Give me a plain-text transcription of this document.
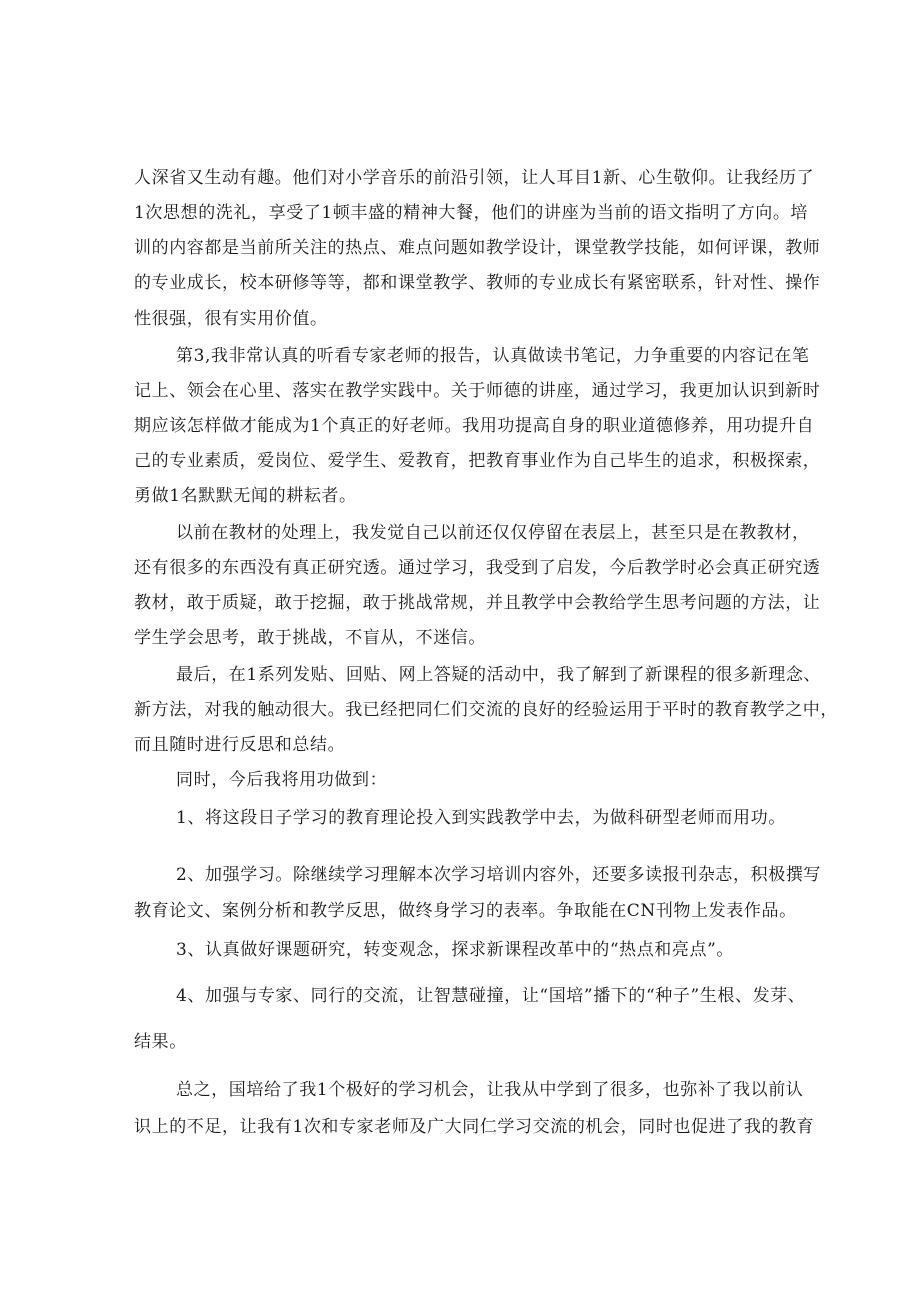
人深省又生动有趣。他们对小学音乐的前沿引领，让人耳目1新、心生敬仰。让我经历了
1次思想的洗礼，享受了1顿丰盛的精神大餐，他们的讲座为当前的语文指明了方向。培
训的内容都是当前所关注的热点、难点问题如教学设计，课堂教学技能，如何评课，教师
的专业成长，校本研修等等，都和课堂教学、教师的专业成长有紧密联系，针对性、操作
性很强，很有实用价值。
第3,我非常认真的听看专家老师的报告，认真做读书笔记，力争重要的内容记在笔
记上、领会在心里、落实在教学实践中。关于师德的讲座，通过学习，我更加认识到新时
期应该怎样做才能成为1个真正的好老师。我用功提高自身的职业道德修养，用功提升自
己的专业素质，爱岗位、爱学生、爱教育，把教育事业作为自己毕生的追求，积极探索，
勇做1名默默无闻的耕耘者。
以前在教材的处理上，我发觉自己以前还仅仅停留在表层上，甚至只是在教教材，
还有很多的东西没有真正研究透。通过学习，我受到了启发，今后教学时必会真正研究透
教材，敢于质疑，敢于挖掘，敢于挑战常规，并且教学中会教给学生思考问题的方法，让
学生学会思考，敢于挑战，不盲从，不迷信。
最后，在1系列发贴、回贴、网上答疑的活动中，我了解到了新课程的很多新理念、
新方法，对我的触动很大。我已经把同仁们交流的良好的经验运用于平时的教育教学之中，
而且随时进行反思和总结。
同时，今后我将用功做到：
1、将这段日子学习的教育理论投入到实践教学中去，为做科研型老师而用功。
2、加强学习。除继续学习理解本次学习培训内容外，还要多读报刊杂志，积极撰写
教育论文、案例分析和教学反思，做终身学习的表率。争取能在CN刊物上发表作品。
3、认真做好课题研究，转变观念，探求新课程改革中的“热点和亮点”。
4、加强与专家、同行的交流，让智慧碰撞，让“国培”播下的“种子”生根、发芽、
结果。
总之，国培给了我1个极好的学习机会，让我从中学到了很多，也弥补了我以前认
识上的不足，让我有1次和专家老师及广大同仁学习交流的机会，同时也促进了我的教育
